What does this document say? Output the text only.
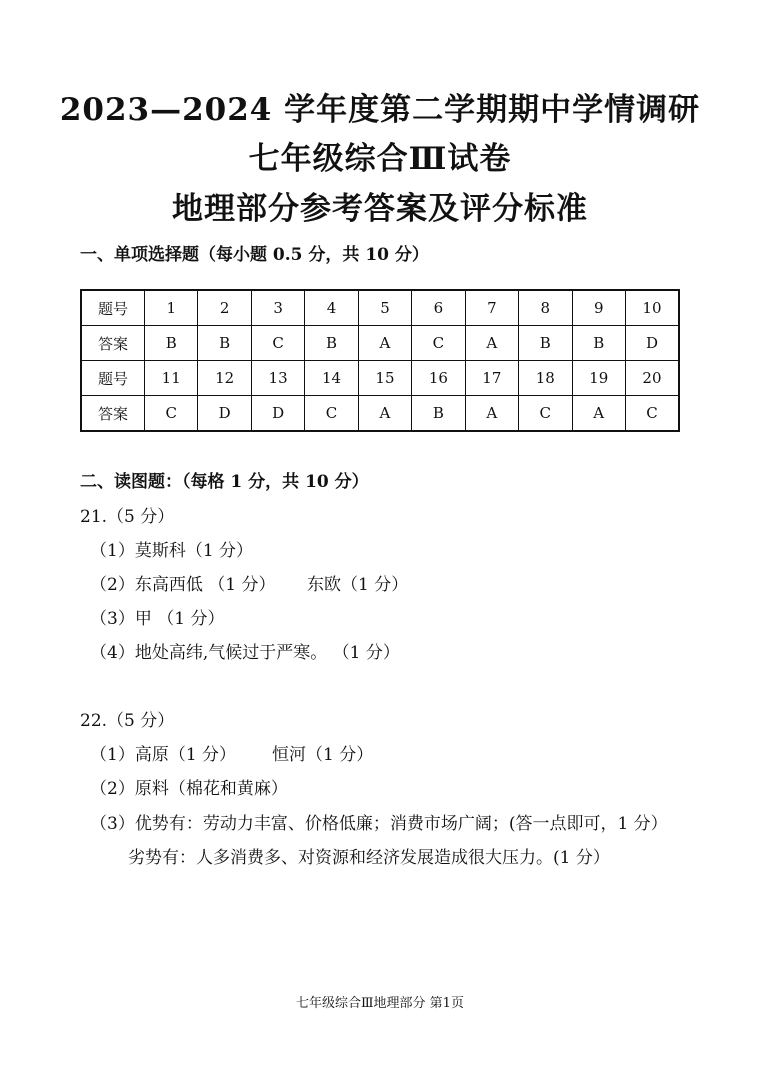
2023—2024 学年度第二学期期中学情调研
七年级综合Ⅲ试卷
地理部分参考答案及评分标准
一、单项选择题（每小题 0.5 分，共 10 分）
题号	1	2	3	4	5	6	7	8	9	10
答案	B	B	C	B	A	C	A	B	B	D
题号	11	12	13	14	15	16	17	18	19	20
答案	C	D	D	C	A	B	A	C	A	C
二、读图题：（每格 1 分，共 10 分）
21.（5 分）
（1）莫斯科（1 分）
（2）东高西低 （1 分） 东欧（1 分）
（3）甲 （1 分）
（4）地处高纬,气候过于严寒。 （1 分）
22.（5 分）
（1）高原（1 分） 恒河（1 分）
（2）原料（棉花和黄麻）
（3）优势有：劳动力丰富、价格低廉；消费市场广阔；(答一点即可，1 分）
劣势有：人多消费多、对资源和经济发展造成很大压力。(1 分）
七年级综合Ⅲ地理部分 第1页
